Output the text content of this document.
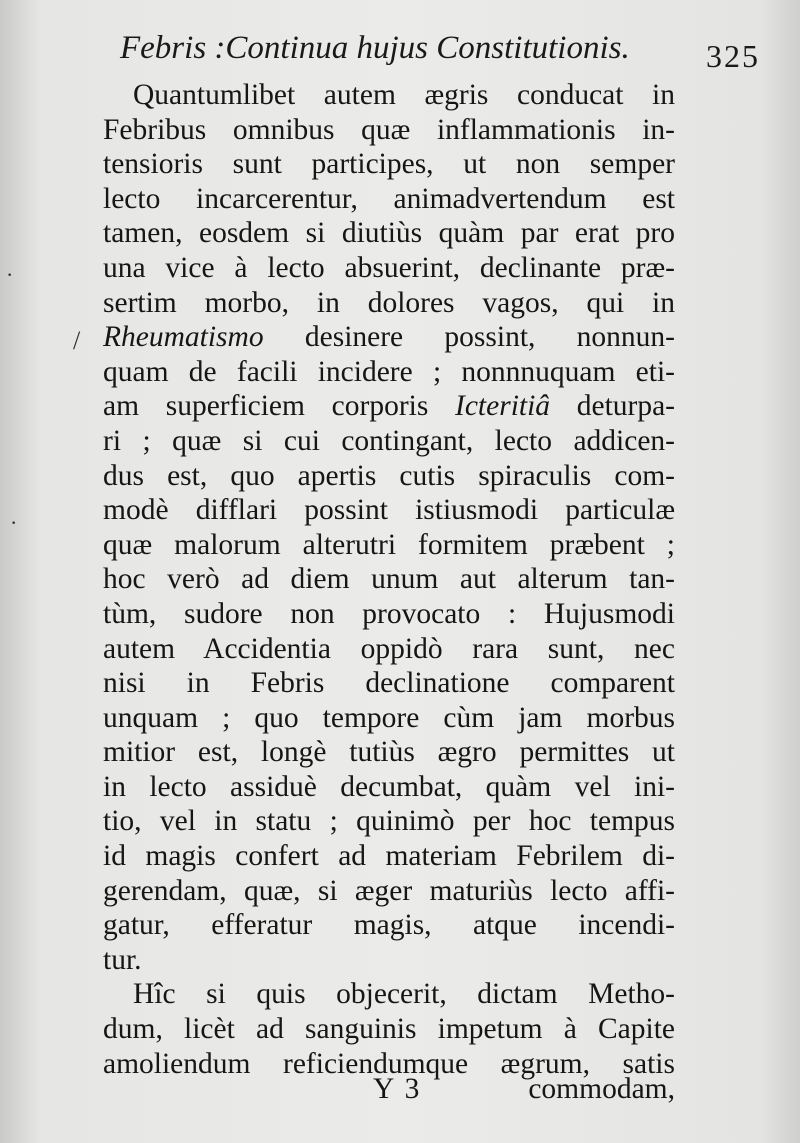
Febris :Continua hujus Constitutionis. 325
Quantumlibet autem ægris conducat in
Febribus omnibus quæ inflammationis in-
tensioris sunt participes, ut non semper
lecto incarcerentur, animadvertendum est
tamen, eosdem si diutiùs quàm par erat pro
una vice à lecto absuerint, declinante præ-
sertim morbo, in dolores vagos, qui in
Rheumatismo desinere possint, nonnun-
quam de facili incidere ; nonnnuquam eti-
am superficiem corporis Icteritiâ deturpa-
ri ; quæ si cui contingant, lecto addicen-
dus est, quo apertis cutis spiraculis com-
modè difflari possint istiusmodi particulæ
quæ malorum alterutri formitem præbent ;
hoc verò ad diem unum aut alterum tan-
tùm, sudore non provocato : Hujusmodi
autem Accidentia oppidò rara sunt, nec
nisi in Febris declinatione comparent
unquam ; quo tempore cùm jam morbus
mitior est, longè tutiùs ægro permittes ut
in lecto assiduè decumbat, quàm vel ini-
tio, vel in statu ; quinimò per hoc tempus
id magis confert ad materiam Febrilem di-
gerendam, quæ, si æger maturiùs lecto affi-
gatur, efferatur magis, atque incendi-
tur.
Hîc si quis objecerit, dictam Metho-
dum, licèt ad sanguinis impetum à Capite
amoliendum reficiendumque ægrum, satis
Y 3	commodam,
/
·
·
